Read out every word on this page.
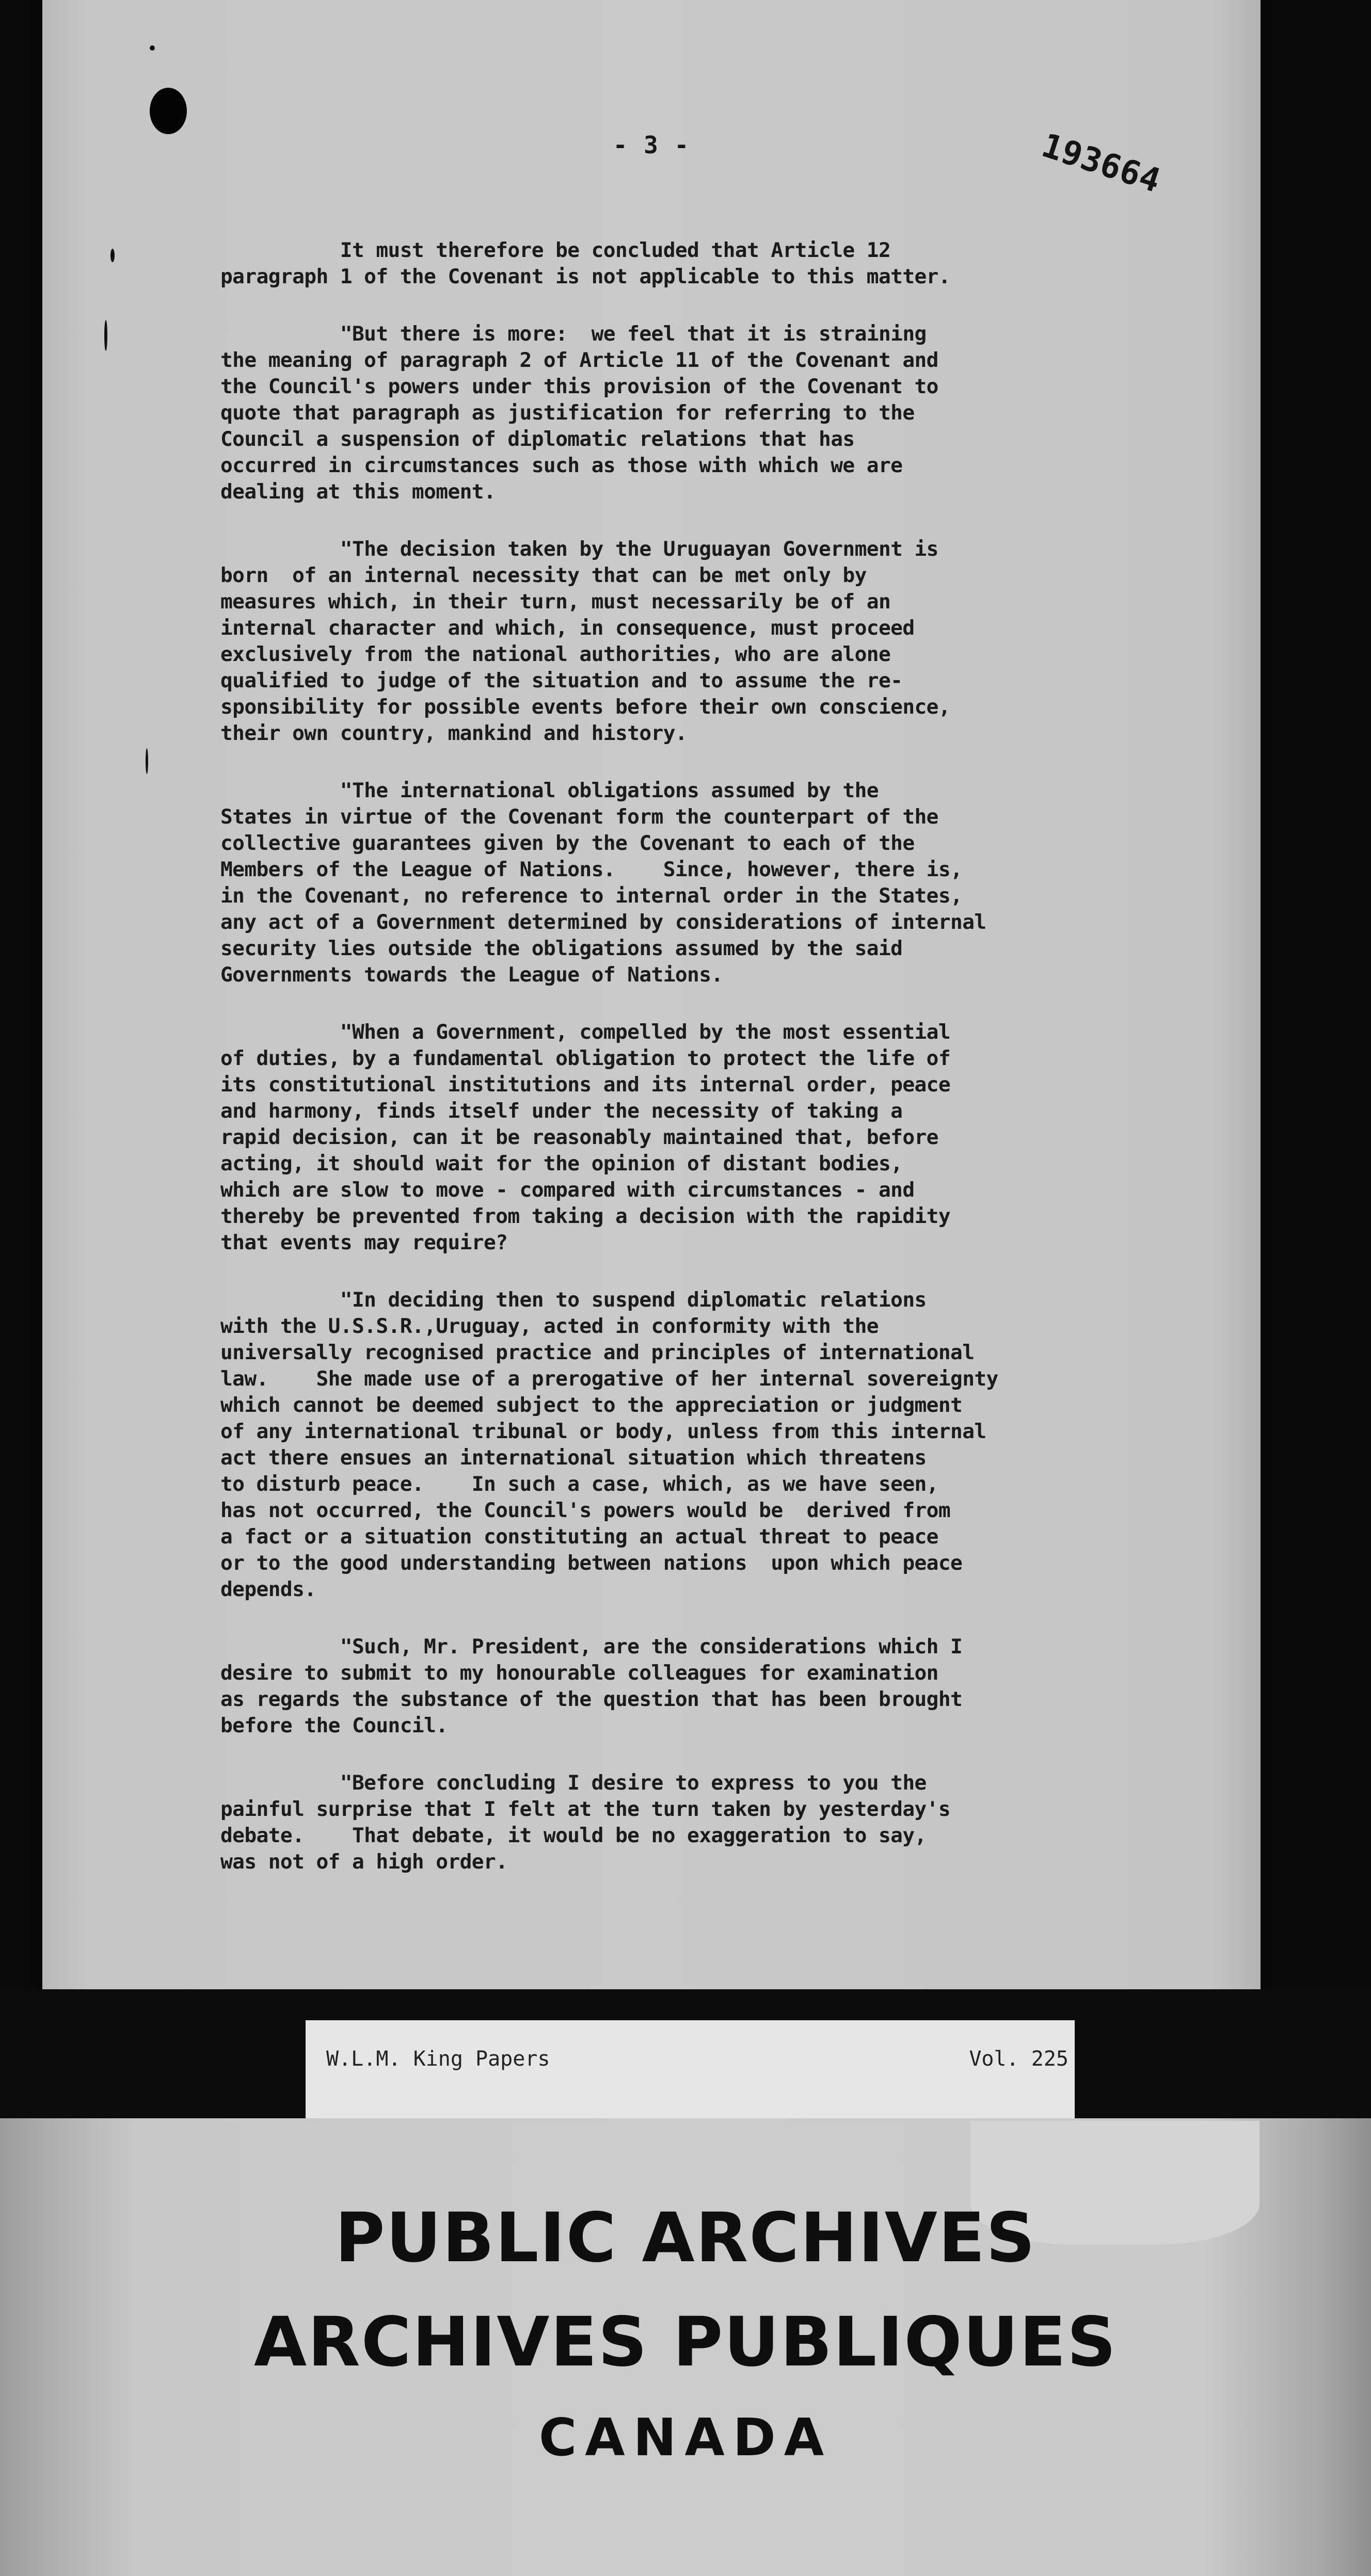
- 3 -	193664
It must therefore be concluded that Article 12
paragraph 1 of the Covenant is not applicable to this matter.
"But there is more:  we feel that it is straining
the meaning of paragraph 2 of Article 11 of the Covenant and
the Council's powers under this provision of the Covenant to
quote that paragraph as justification for referring to the
Council a suspension of diplomatic relations that has
occurred in circumstances such as those with which we are
dealing at this moment.
"The decision taken by the Uruguayan Government is
born  of an internal necessity that can be met only by
measures which, in their turn, must necessarily be of an
internal character and which, in consequence, must proceed
exclusively from the national authorities, who are alone
qualified to judge of the situation and to assume the re-
sponsibility for possible events before their own conscience,
their own country, mankind and history.
"The international obligations assumed by the
States in virtue of the Covenant form the counterpart of the
collective guarantees given by the Covenant to each of the
Members of the League of Nations.    Since, however, there is,
in the Covenant, no reference to internal order in the States,
any act of a Government determined by considerations of internal
security lies outside the obligations assumed by the said
Governments towards the League of Nations.
"When a Government, compelled by the most essential
of duties, by a fundamental obligation to protect the life of
its constitutional institutions and its internal order, peace
and harmony, finds itself under the necessity of taking a
rapid decision, can it be reasonably maintained that, before
acting, it should wait for the opinion of distant bodies,
which are slow to move - compared with circumstances - and
thereby be prevented from taking a decision with the rapidity
that events may require?
"In deciding then to suspend diplomatic relations
with the U.S.S.R.,Uruguay, acted in conformity with the
universally recognised practice and principles of international
law.    She made use of a prerogative of her internal sovereignty
which cannot be deemed subject to the appreciation or judgment
of any international tribunal or body, unless from this internal
act there ensues an international situation which threatens
to disturb peace.    In such a case, which, as we have seen,
has not occurred, the Council's powers would be  derived from
a fact or a situation constituting an actual threat to peace
or to the good understanding between nations  upon which peace
depends.
"Such, Mr. President, are the considerations which I
desire to submit to my honourable colleagues for examination
as regards the substance of the question that has been brought
before the Council.
"Before concluding I desire to express to you the
painful surprise that I felt at the turn taken by yesterday's
debate.    That debate, it would be no exaggeration to say,
was not of a high order.
W.L.M. King Papers	Vol. 225
PUBLIC ARCHIVES
ARCHIVES PUBLIQUES
CANADA
